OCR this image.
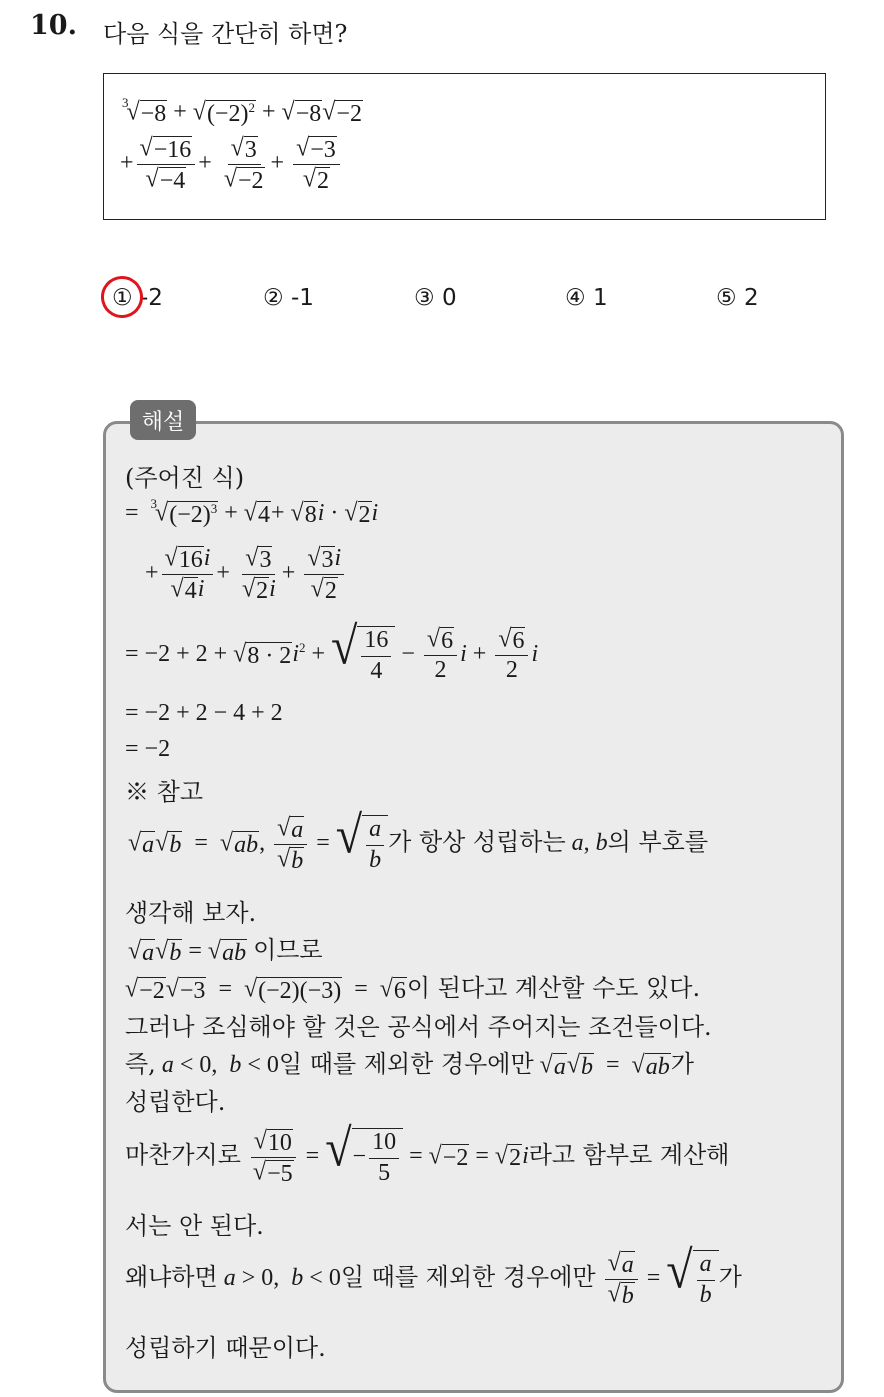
10. 다음 식을 간단히 하면?
$^3$
√ −8 + √ $(-2)^2$ + √ −8 √ −2
+ $\frac{√ -16}{√ -4} + \frac{√ 3}{√ -2} + \frac{√ -3}{√ 2}$
① -2	② -1	③ 0	④ 1	⑤ 2
해설
(주어진 식)
=  $^3$
√ $(-2)^3$ + √ 4 + √ 8 i · √ 2 i
+ $\frac{√ 16 i}{√ 4 i} + \frac{√ 3}{√ 2 i} + \frac{√ 3 i}{√ 2}$
= −2 + 2 + √ 8 · 2 $i^2$ + √ $\frac{16}{4} - \frac{√ 6}{2}$ $i + \frac{√ 6}{2}$ i
= −2 + 2 − 4 + 2
= −2
※ 참고
√ a √ b = √ ab , $\frac{√ a}{√ b}$ = √ $\frac{a}{b}$ 가 항상 성립하는 a, b의 부호를
생각해 보자.
√ a √ b = √ ab 이므로
√ −2 √ −3 = √ (−2)(−3) = √ 6 이 된다고 계산할 수도 있다.
그러나 조심해야 할 것은 공식에서 주어지는 조건들이다.
즉, a < 0,  b < 0일 때를 제외한 경우에만 √ a √ b = √ ab 가
성립한다.
마찬가지로 $\frac{√ 10}{√ -5}$ = √ − $\frac{10}{5}$ = √ −2 = √ 2 i라고 함부로 계산해
서는 안 된다.
왜냐하면 a > 0,  b < 0일 때를 제외한 경우에만 $\frac{√ a}{√ b}$ = √ $\frac{a}{b}$ 가
성립하기 때문이다.
